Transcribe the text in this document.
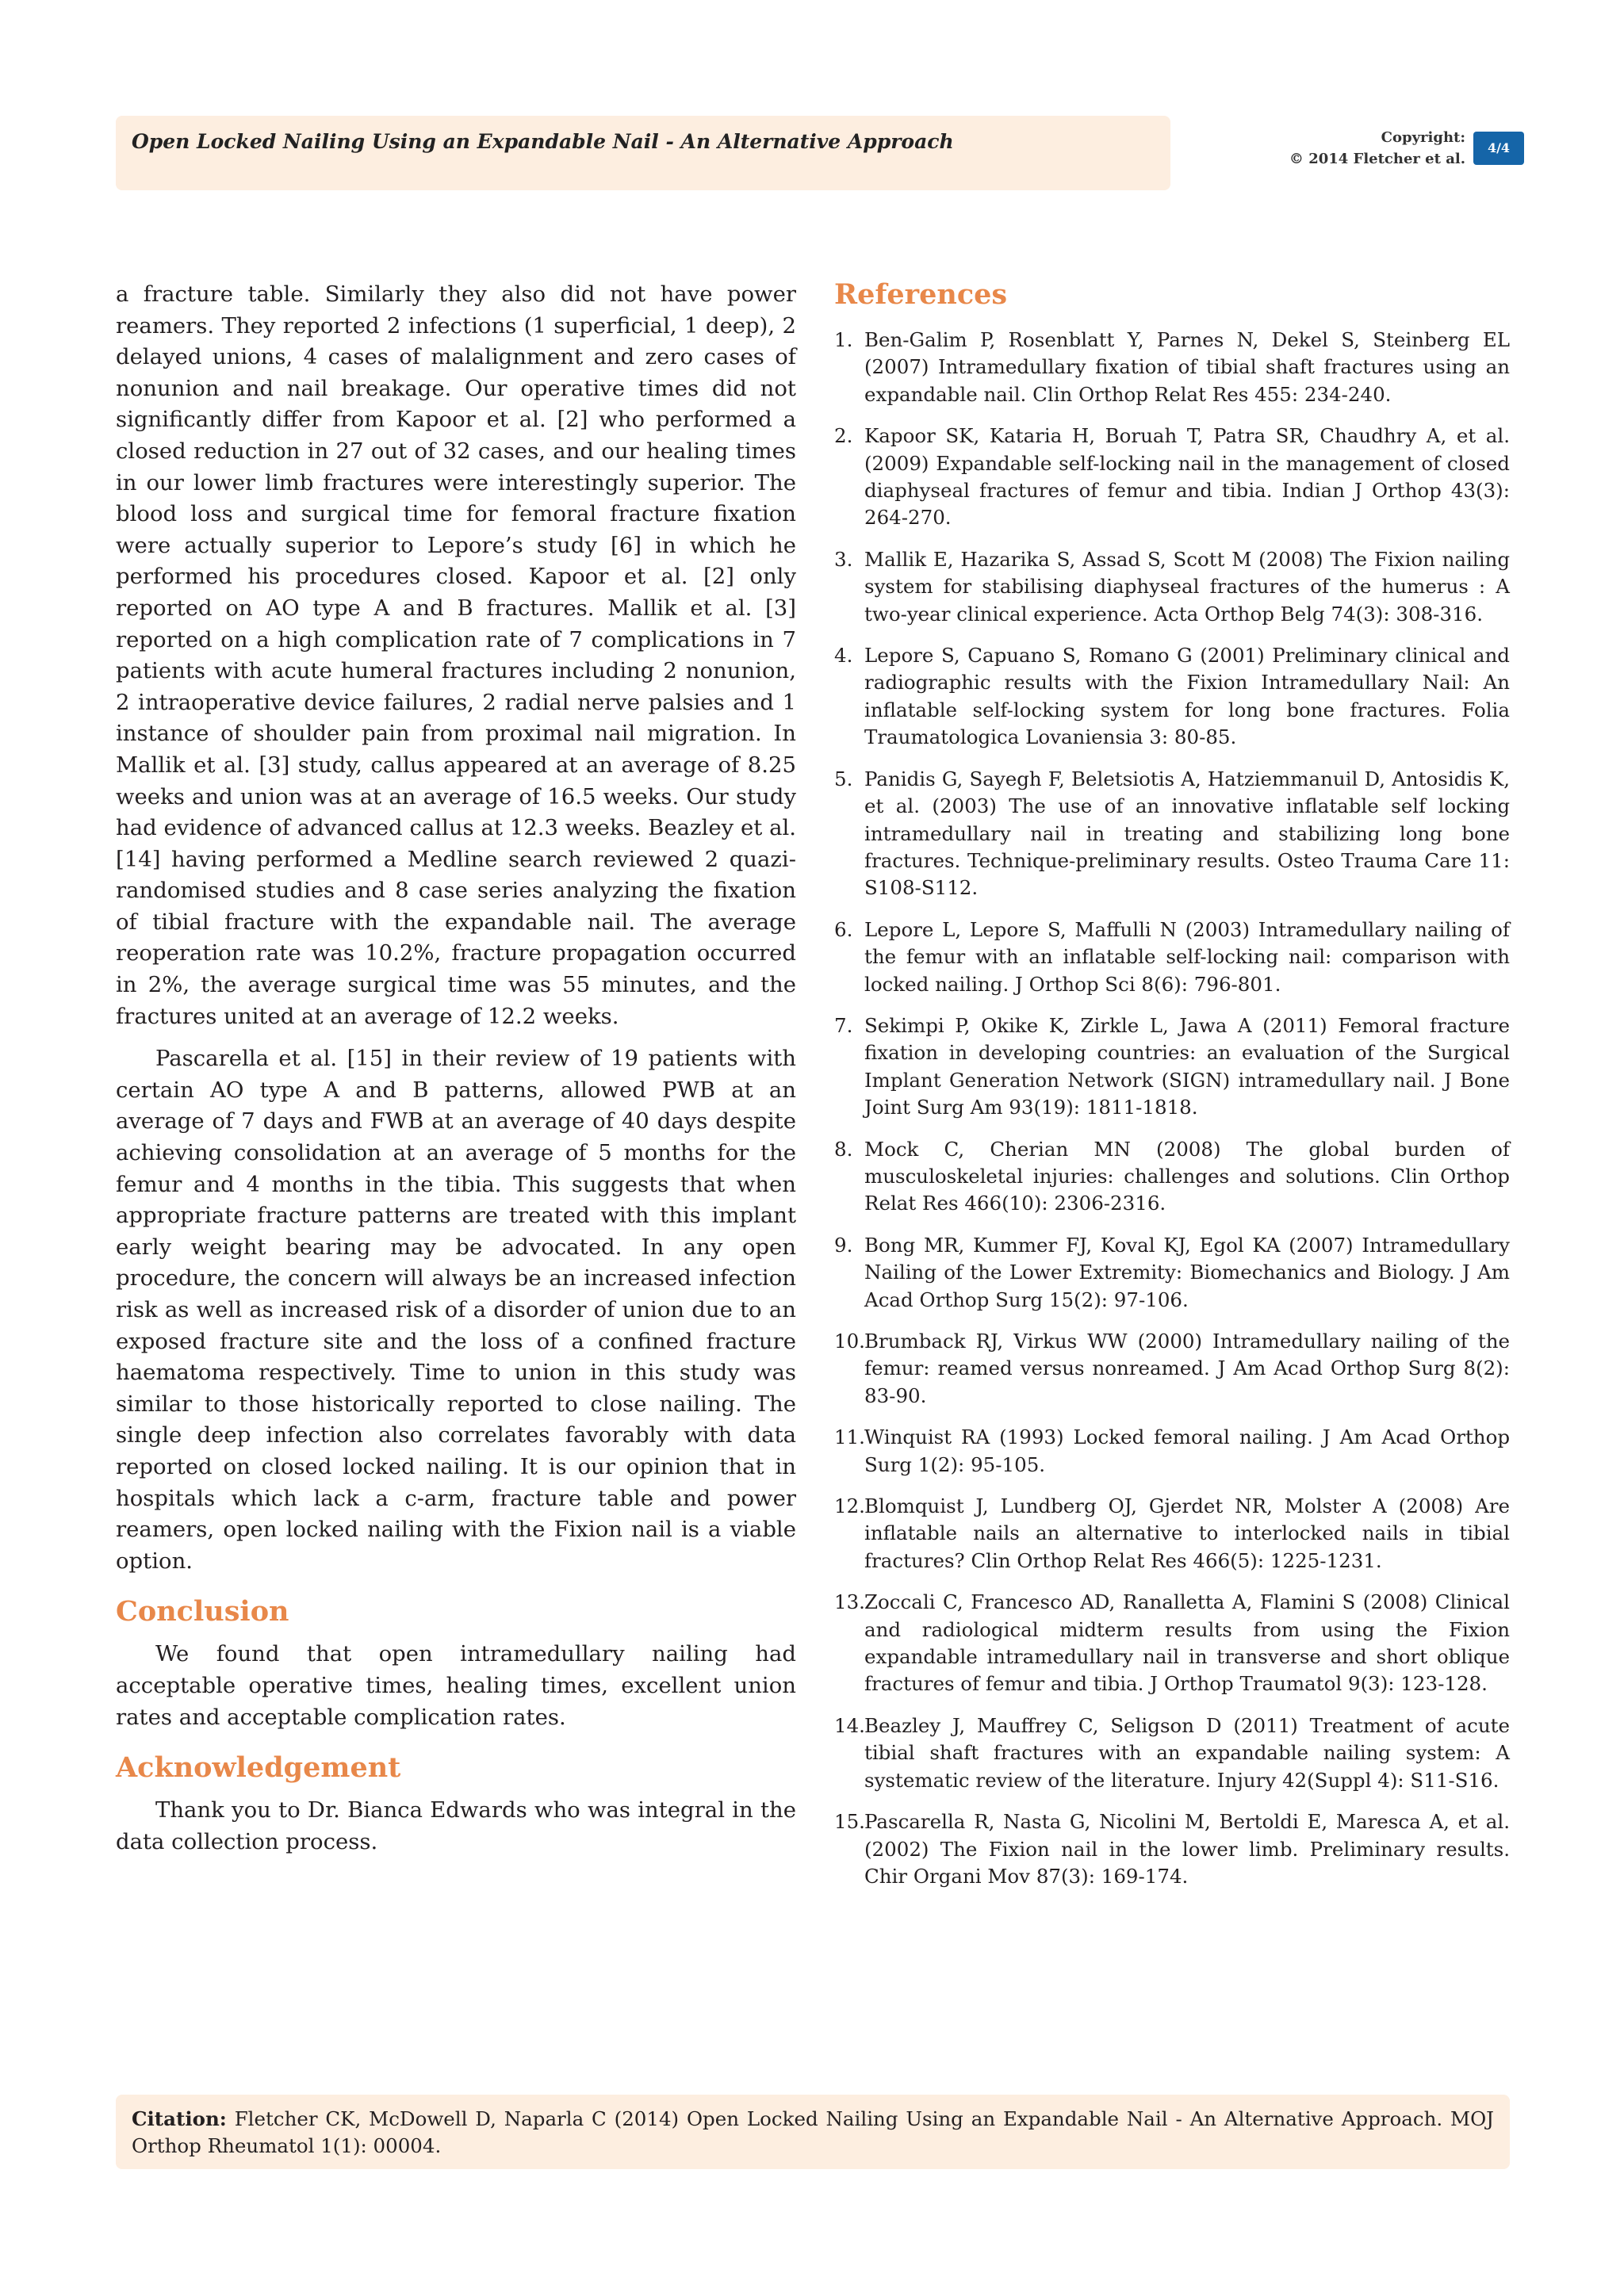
Open Locked Nailing Using an Expandable Nail - An Alternative Approach	Copyright:
© 2014 Fletcher et al.
4/4

a fracture table. Similarly they also did not have power reamers. They reported 2 infections (1 superficial, 1 deep), 2 delayed unions, 4 cases of malalignment and zero cases of nonunion and nail breakage. Our operative times did not significantly differ from Kapoor et al. [2] who performed a closed reduction in 27 out of 32 cases, and our healing times in our lower limb fractures were interestingly superior. The blood loss and surgical time for femoral fracture fixation were actually superior to Lepore’s study [6] in which he performed his procedures closed. Kapoor et al. [2] only reported on AO type A and B fractures. Mallik et al. [3] reported on a high complication rate of 7 complications in 7 patients with acute humeral fractures including 2 nonunion, 2 intraoperative device failures, 2 radial nerve palsies and 1 instance of shoulder pain from proximal nail migration. In Mallik et al. [3] study, callus appeared at an average of 8.25 weeks and union was at an average of 16.5 weeks. Our study had evidence of advanced callus at 12.3 weeks. Beazley et al. [14] having performed a Medline search reviewed 2 quazi-randomised studies and 8 case series analyzing the fixation of tibial fracture with the expandable nail. The average reoperation rate was 10.2%, fracture propagation occurred in 2%, the average surgical time was 55 minutes, and the fractures united at an average of 12.2 weeks.

Pascarella et al. [15] in their review of 19 patients with certain AO type A and B patterns, allowed PWB at an average of 7 days and FWB at an average of 40 days despite achieving consolidation at an average of 5 months for the femur and 4 months in the tibia. This suggests that when appropriate fracture patterns are treated with this implant early weight bearing may be advocated. In any open procedure, the concern will always be an increased infection risk as well as increased risk of a disorder of union due to an exposed fracture site and the loss of a confined fracture haematoma respectively. Time to union in this study was similar to those historically reported to close nailing. The single deep infection also correlates favorably with data reported on closed locked nailing. It is our opinion that in hospitals which lack a c-arm, fracture table and power reamers, open locked nailing with the Fixion nail is a viable option.

Conclusion

We found that open intramedullary nailing had acceptable operative times, healing times, excellent union rates and acceptable complication rates.

Acknowledgement

Thank you to Dr. Bianca Edwards who was integral in the data collection process.

References
1. Ben-Galim P, Rosenblatt Y, Parnes N, Dekel S, Steinberg EL (2007) Intramedullary fixation of tibial shaft fractures using an expandable nail. Clin Orthop Relat Res 455: 234-240.
2. Kapoor SK, Kataria H, Boruah T, Patra SR, Chaudhry A, et al. (2009) Expandable self-locking nail in the management of closed diaphyseal fractures of femur and tibia. Indian J Orthop 43(3): 264-270.
3. Mallik E, Hazarika S, Assad S, Scott M (2008) The Fixion nailing system for stabilising diaphyseal fractures of the humerus : A two-year clinical experience. Acta Orthop Belg 74(3): 308-316.
4. Lepore S, Capuano S, Romano G (2001) Preliminary clinical and radiographic results with the Fixion Intramedullary Nail: An inflatable self-locking system for long bone fractures. Folia Traumatologica Lovaniensia 3: 80-85.
5. Panidis G, Sayegh F, Beletsiotis A, Hatziemmanuil D, Antosidis K, et al. (2003) The use of an innovative inflatable self locking intramedullary nail in treating and stabilizing long bone fractures. Technique-preliminary results. Osteo Trauma Care 11: S108-S112.
6. Lepore L, Lepore S, Maffulli N (2003) Intramedullary nailing of the femur with an inflatable self-locking nail: comparison with locked nailing. J Orthop Sci 8(6): 796-801.
7. Sekimpi P, Okike K, Zirkle L, Jawa A (2011) Femoral fracture fixation in developing countries: an evaluation of the Surgical Implant Generation Network (SIGN) intramedullary nail. J Bone Joint Surg Am 93(19): 1811-1818.
8. Mock C, Cherian MN (2008) The global burden of musculoskeletal injuries: challenges and solutions. Clin Orthop Relat Res 466(10): 2306-2316.
9. Bong MR, Kummer FJ, Koval KJ, Egol KA (2007) Intramedullary Nailing of the Lower Extremity: Biomechanics and Biology. J Am Acad Orthop Surg 15(2): 97-106.
10. Brumback RJ, Virkus WW (2000) Intramedullary nailing of the femur: reamed versus nonreamed. J Am Acad Orthop Surg 8(2): 83-90.
11. Winquist RA (1993) Locked femoral nailing. J Am Acad Orthop Surg 1(2): 95-105.
12. Blomquist J, Lundberg OJ, Gjerdet NR, Molster A (2008) Are inflatable nails an alternative to interlocked nails in tibial fractures? Clin Orthop Relat Res 466(5): 1225-1231.
13. Zoccali C, Francesco AD, Ranalletta A, Flamini S (2008) Clinical and radiological midterm results from using the Fixion expandable intramedullary nail in transverse and short oblique fractures of femur and tibia. J Orthop Traumatol 9(3): 123-128.
14. Beazley J, Mauffrey C, Seligson D (2011) Treatment of acute tibial shaft fractures with an expandable nailing system: A systematic review of the literature. Injury 42(Suppl 4): S11-S16.
15. Pascarella R, Nasta G, Nicolini M, Bertoldi E, Maresca A, et al. (2002) The Fixion nail in the lower limb. Preliminary results. Chir Organi Mov 87(3): 169-174.
Citation: Fletcher CK, McDowell D, Naparla C (2014) Open Locked Nailing Using an Expandable Nail - An Alternative Approach. MOJ Orthop Rheumatol 1(1): 00004.
